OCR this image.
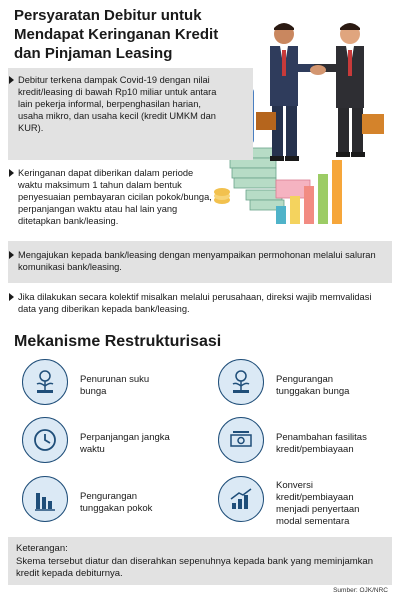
Persyaratan Debitur untuk Mendapat Keringanan Kredit dan Pinjaman Leasing
Debitur terkena dampak Covid-19 dengan nilai kredit/leasing di bawah Rp10 miliar untuk antara lain pekerja informal, berpenghasilan harian, usaha mikro, dan usaha kecil (kredit UMKM dan KUR).
Keringanan dapat diberikan dalam periode waktu maksimum 1 tahun dalam bentuk penyesuaian pembayaran cicilan pokok/bunga, perpanjangan waktu atau hal lain yang ditetapkan bank/leasing.
Mengajukan kepada bank/leasing dengan menyampaikan permohonan melalui saluran komunikasi bank/leasing.
Jika dilakukan secara kolektif misalkan melalui perusahaan, direksi wajib memvalidasi data yang diberikan kepada bank/leasing.
Mekanisme Restrukturisasi
Penurunan suku bunga
Pengurangan tunggakan bunga
Perpanjangan jangka waktu
Penambahan fasilitas kredit/pembiayaan
Pengurangan tunggakan pokok
Konversi kredit/pembiayaan menjadi penyertaan modal sementara
Keterangan:
Skema tersebut diatur dan diserahkan sepenuhnya kepada bank yang meminjamkan kredit kepada debiturnya.
Sumber: OJK/NRC
